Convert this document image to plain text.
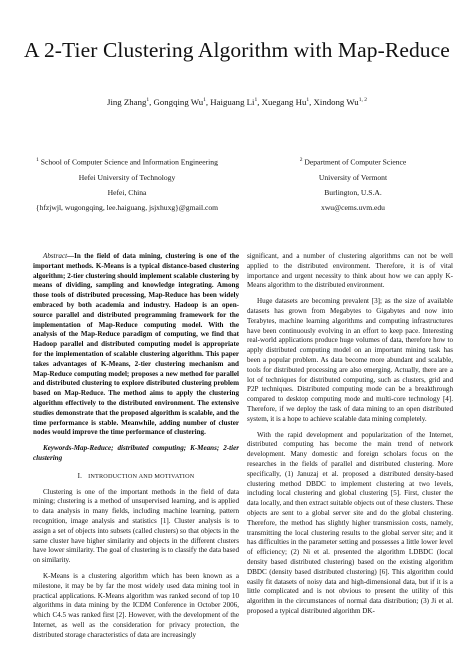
A 2-Tier Clustering Algorithm with Map-Reduce
Jing Zhang$^1$, Gongqing Wu$^1$, Haiguang Li$^1$, Xuegang Hu$^1$, Xindong Wu$^{1, 2}$
$^1$ School of Computer Science and Information Engineering
Hefei University of Technology
Hefei, China
{hfzjwjl, wugongqing, lee.haiguang, jsjxhuxg}@gmail.com
$^2$ Department of Computer Science
University of Vermont
Burlington, U.S.A.
xwu@cems.uvm.edu

Abstract—In the field of data mining, clustering is one of the important methods. K-Means is a typical distance-based clustering algorithm; 2-tier clustering should implement scalable clustering by means of dividing, sampling and knowledge integrating. Among those tools of distributed processing, Map-Reduce has been widely embraced by both academia and industry. Hadoop is an open-source parallel and distributed programming framework for the implementation of Map-Reduce computing model. With the analysis of the Map-Reduce paradigm of computing, we find that Hadoop parallel and distributed computing model is appropriate for the implementation of scalable clustering algorithm. This paper takes advantages of K-Means, 2-tier clustering mechanism and Map-Reduce computing model; proposes a new method for parallel and distributed clustering to explore distributed clustering problem based on Map-Reduce. The method aims to apply the clustering algorithm effectively to the distributed environment. The extensive studies demonstrate that the proposed algorithm is scalable, and the time performance is stable. Meanwhile, adding number of cluster nodes would improve the time performance of clustering.

Keywords-Map-Reduce; distributed computing; K-Means; 2-tier clustering

I. INTRODUCTION AND MOTIVATION

Clustering is one of the important methods in the field of data mining; clustering is a method of unsupervised learning, and is applied to data analysis in many fields, including machine learning, pattern recognition, image analysis and statistics [1]. Cluster analysis is to assign a set of objects into subsets (called clusters) so that objects in the same cluster have higher similarity and objects in the different clusters have lower similarity. The goal of clustering is to classify the data based on similarity.

K-Means is a clustering algorithm which has been known as a milestone, it may be by far the most widely used data mining tool in practical applications. K-Means algorithm was ranked second of top 10 algorithms in data mining by the ICDM Conference in October 2006, which C4.5 was ranked first [2]. However, with the development of the Internet, as well as the consideration for privacy protection, the distributed storage characteristics of data are increasingly

significant, and a number of clustering algorithms can not be well applied to the distributed environment. Therefore, it is of vital importance and urgent necessity to think about how we can apply K-Means algorithm to the distributed environment.

Huge datasets are becoming prevalent [3]; as the size of available datasets has grown from Megabytes to Gigabytes and now into Terabytes, machine learning algorithms and computing infrastructures have been continuously evolving in an effort to keep pace. Interesting real-world applications produce huge volumes of data, therefore how to apply distributed computing model on an important mining task has been a popular problem. As data become more abundant and scalable, tools for distributed processing are also emerging. Actually, there are a lot of techniques for distributed computing, such as clusters, grid and P2P techniques. Distributed computing mode can be a breakthrough compared to desktop computing mode and multi-core technology [4]. Therefore, if we deploy the task of data mining to an open distributed system, it is a hope to achieve scalable data mining completely.

With the rapid development and popularization of the Internet, distributed computing has become the main trend of network development. Many domestic and foreign scholars focus on the researches in the fields of parallel and distributed clustering. More specifically, (1) Januzaj et al. proposed a distributed density-based clustering method DBDC to implement clustering at two levels, including local clustering and global clustering [5]. First, cluster the data locally, and then extract suitable objects out of these clusters. These objects are sent to a global server site and do the global clustering. Therefore, the method has slightly higher transmission costs, namely, transmitting the local clustering results to the global server site; and it has difficulties in the parameter setting and possesses a little lower level of efficiency; (2) Ni et al. presented the algorithm LDBDC (local density based distributed clustering) based on the existing algorithm DBDC (density based distributed clustering) [6]. This algorithm could easily fit datasets of noisy data and high-dimensional data, but if it is a little complicated and is not obvious to present the utility of this algorithm in the circumstances of normal data distribution; (3) Ji et al. proposed a typical distributed algorithm DK-
